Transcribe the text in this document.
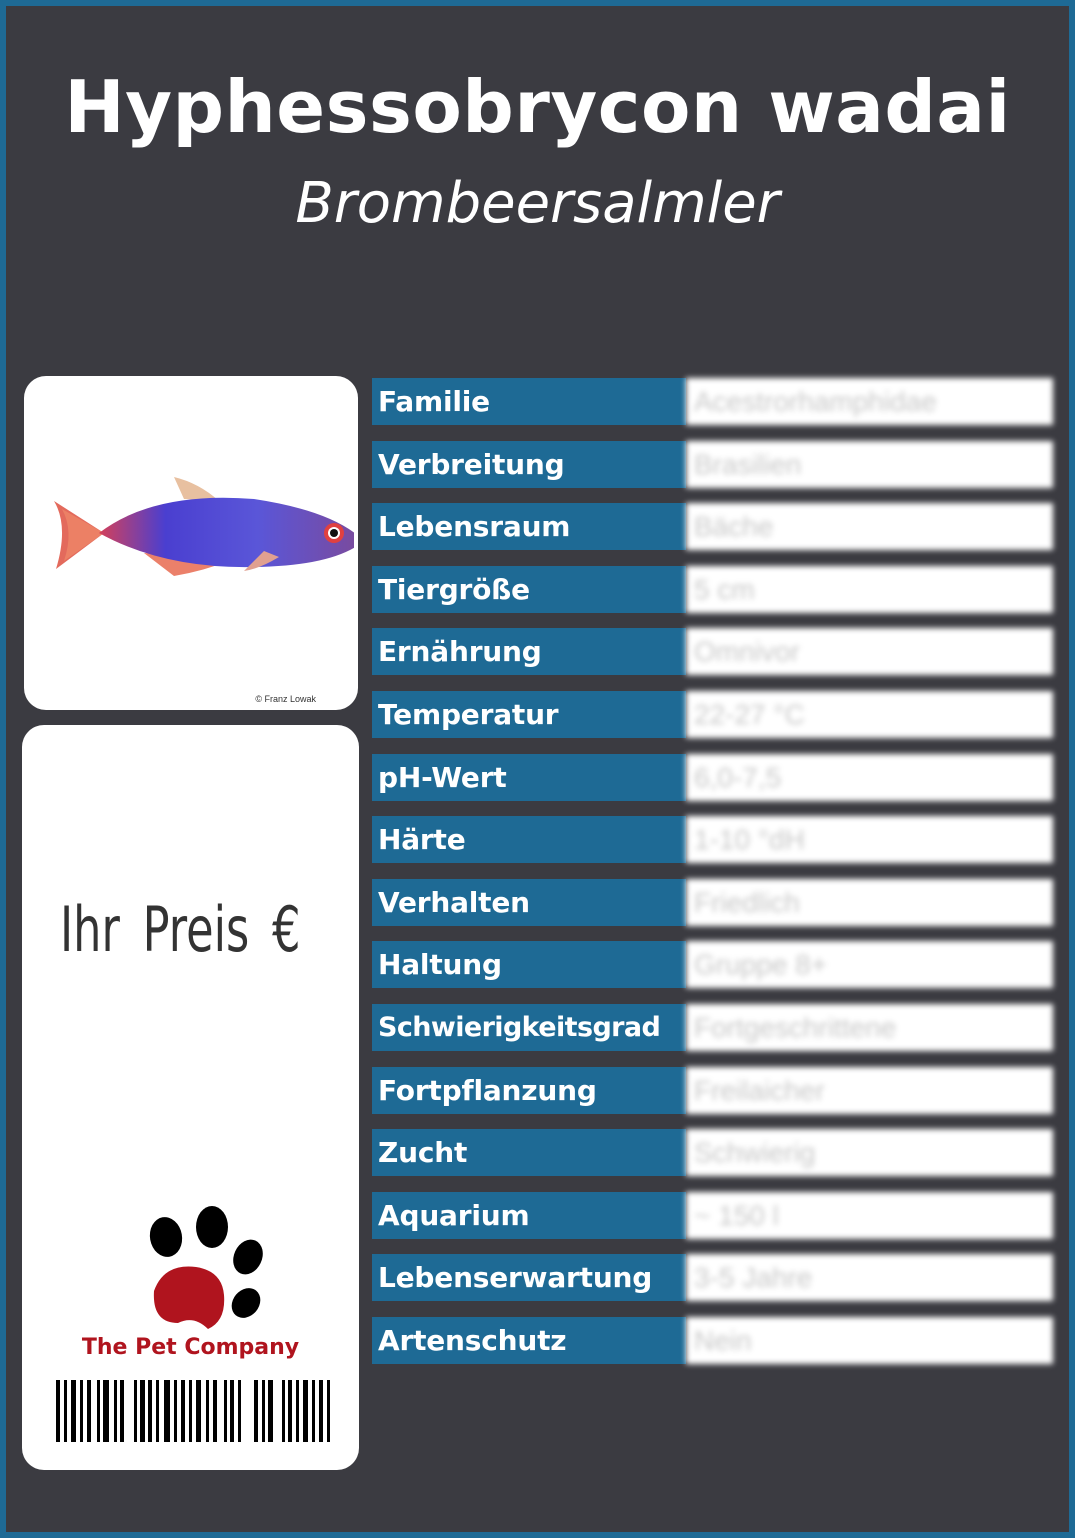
Hyphessobrycon wadai

Brombeersalmler

© Franz Lowak
Ihr Preis €
The Pet Company
Familie	Acestrorhamphidae
Verbreitung	Brasilien
Lebensraum	Bäche
Tiergröße	5 cm
Ernährung	Omnivor
Temperatur	22-27 °C
pH-Wert	6,0-7,5
Härte	1-10 °dH
Verhalten	Friedlich
Haltung	Gruppe 8+
Schwierigkeitsgrad	Fortgeschrittene
Fortpflanzung	Freilaicher
Zucht	Schwierig
Aquarium	~ 150 l
Lebenserwartung	3-5 Jahre
Artenschutz	Nein
